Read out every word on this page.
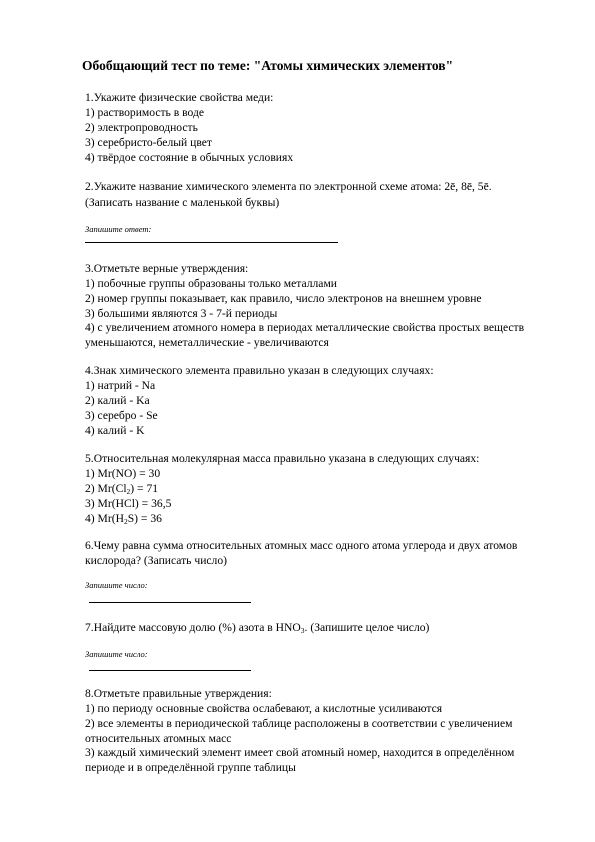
Обобщающий тест по теме: "Атомы химических элементов"
1.Укажите физические свойства меди:
1) растворимость в воде
2) электропроводность
3) серебристо-белый цвет
4) твёрдое состояние в обычных условиях
2.Укажите название химического элемента по электронной схеме атома: 2ē, 8ē, 5ē.
(Записать название с маленькой буквы)
Запишите ответ:
3.Отметьте верные утверждения:
1) побочные группы образованы только металлами
2) номер группы показывает, как правило, число электронов на внешнем уровне
3) большими являются 3 - 7-й периоды
4) с увеличением атомного номера в периодах металлические свойства простых веществ
уменьшаются, неметаллические - увеличиваются
4.Знак химического элемента правильно указан в следующих случаях:
1) натрий - Na
2) калий - Ka
3) серебро - Se
4) калий - K
5.Относительная молекулярная масса правильно указана в следующих случаях:
1) Mr(NO) = 30
2) $Mr(Cl_2) = 71$
3) Mr(HCl) = 36,5
4) $Mr(H_2S) = 36$
6.Чему равна сумма относительных атомных масс одного атома углерода и двух атомов
кислорода? (Записать число)
Запишите число:
7.Найдите массовую долю (%) азота в $HNO_3$. (Запишите целое число)
Запишите число:
8.Отметьте правильные утверждения:
1) по периоду основные свойства ослабевают, а кислотные усиливаются
2) все элементы в периодической таблице расположены в соответствии с увеличением
относительных атомных масс
3) каждый химический элемент имеет свой атомный номер, находится в определённом
периоде и в определённой группе таблицы
